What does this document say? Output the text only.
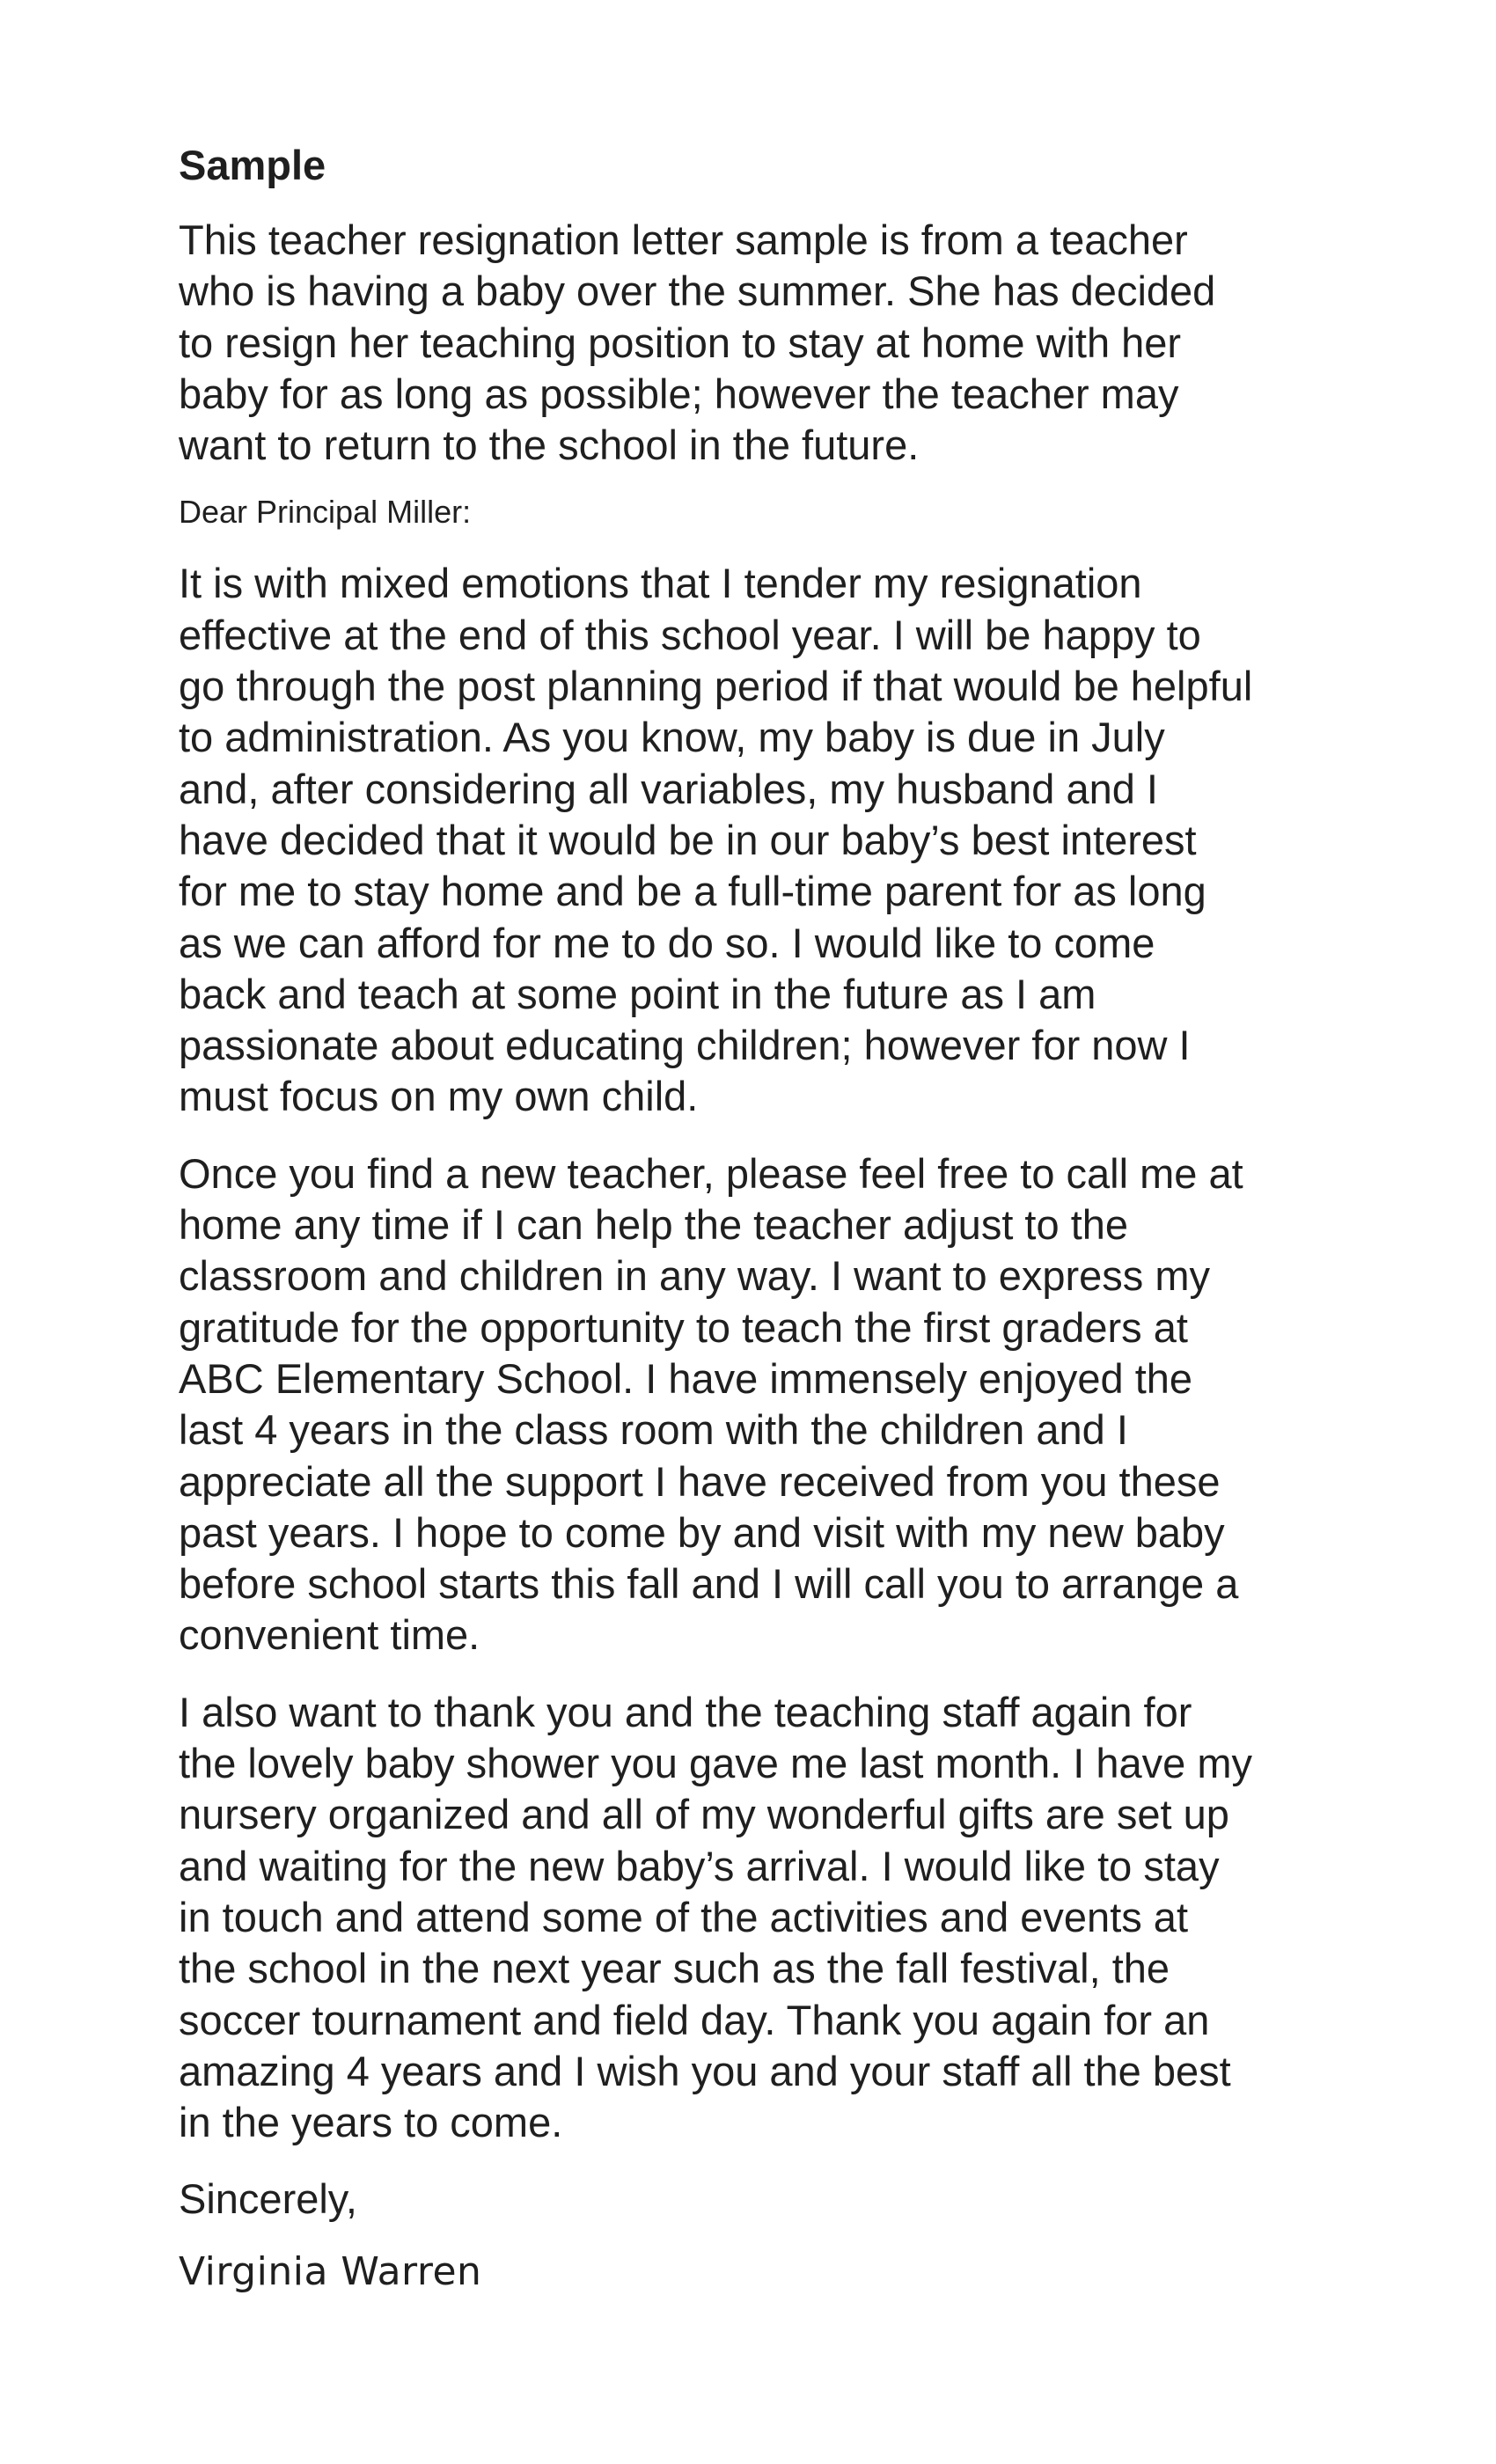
Sample
This teacher resignation letter sample is from a teacher
who is having a baby over the summer. She has decided
to resign her teaching position to stay at home with her
baby for as long as possible; however the teacher may
want to return to the school in the future.
Dear Principal Miller:
It is with mixed emotions that I tender my resignation
effective at the end of this school year. I will be happy to
go through the post planning period if that would be helpful
to administration. As you know, my baby is due in July
and, after considering all variables, my husband and I
have decided that it would be in our baby’s best interest
for me to stay home and be a full-time parent for as long
as we can afford for me to do so. I would like to come
back and teach at some point in the future as I am
passionate about educating children; however for now I
must focus on my own child.
Once you find a new teacher, please feel free to call me at
home any time if I can help the teacher adjust to the
classroom and children in any way. I want to express my
gratitude for the opportunity to teach the first graders at
ABC Elementary School. I have immensely enjoyed the
last 4 years in the class room with the children and I
appreciate all the support I have received from you these
past years. I hope to come by and visit with my new baby
before school starts this fall and I will call you to arrange a
convenient time.
I also want to thank you and the teaching staff again for
the lovely baby shower you gave me last month. I have my
nursery organized and all of my wonderful gifts are set up
and waiting for the new baby’s arrival. I would like to stay
in touch and attend some of the activities and events at
the school in the next year such as the fall festival, the
soccer tournament and field day. Thank you again for an
amazing 4 years and I wish you and your staff all the best
in the years to come.
Sincerely,
Virginia Warren
